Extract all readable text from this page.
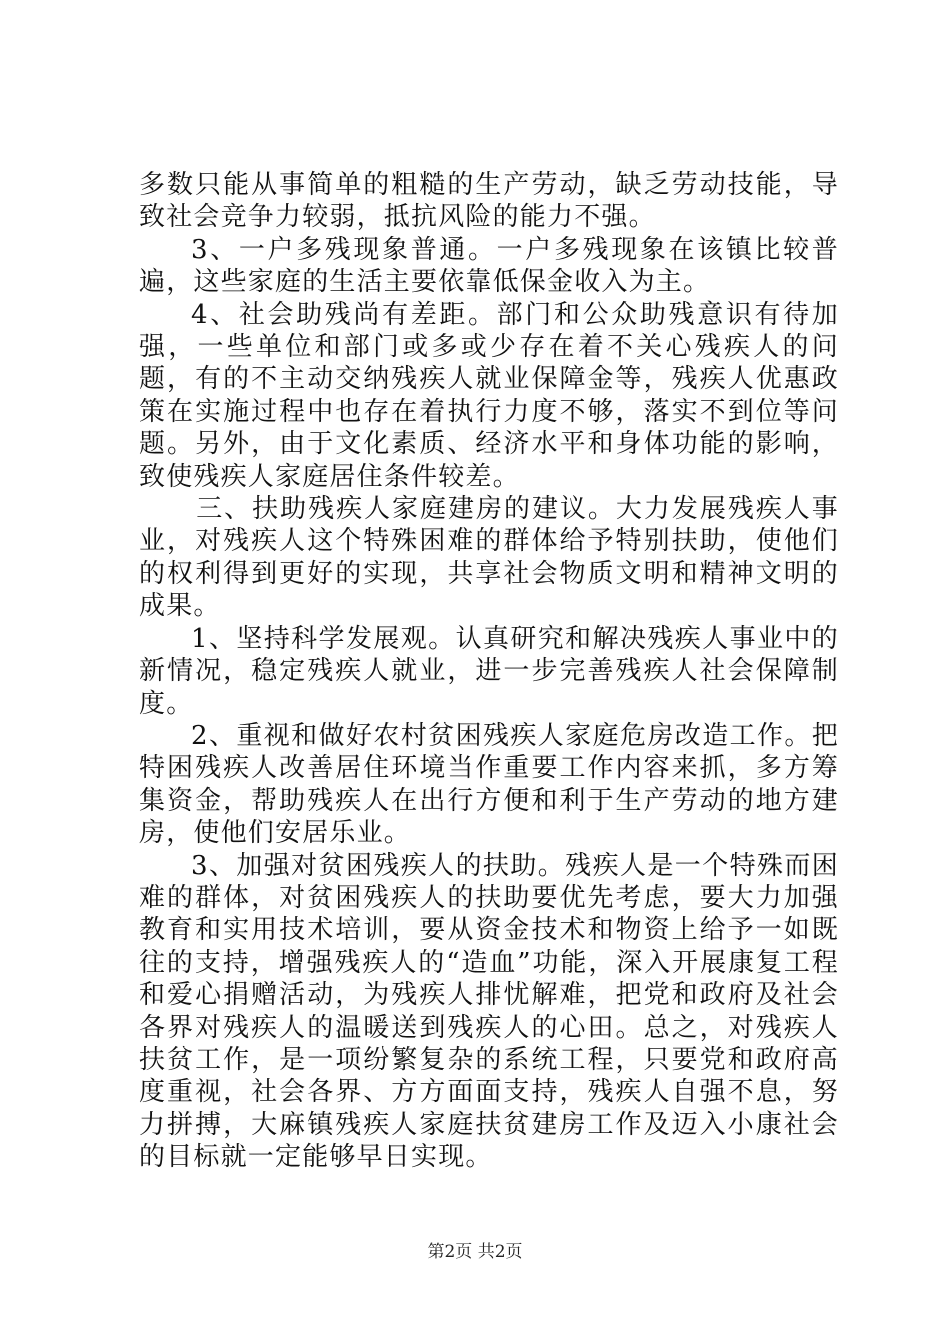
多数只能从事简单的粗糙的生产劳动，缺乏劳动技能，导致社会竞争力较弱，抵抗风险的能力不强。

3、一户多残现象普通。一户多残现象在该镇比较普遍，这些家庭的生活主要依靠低保金收入为主。

4、社会助残尚有差距。部门和公众助残意识有待加强，一些单位和部门或多或少存在着不关心残疾人的问题，有的不主动交纳残疾人就业保障金等，残疾人优惠政策在实施过程中也存在着执行力度不够，落实不到位等问题。另外，由于文化素质、经济水平和身体功能的影响，致使残疾人家庭居住条件较差。

三、扶助残疾人家庭建房的建议。大力发展残疾人事业，对残疾人这个特殊困难的群体给予特别扶助，使他们的权利得到更好的实现，共享社会物质文明和精神文明的成果。

1、坚持科学发展观。认真研究和解决残疾人事业中的新情况，稳定残疾人就业，进一步完善残疾人社会保障制度。

2、重视和做好农村贫困残疾人家庭危房改造工作。把特困残疾人改善居住环境当作重要工作内容来抓，多方筹集资金，帮助残疾人在出行方便和利于生产劳动的地方建房，使他们安居乐业。

3、加强对贫困残疾人的扶助。残疾人是一个特殊而困难的群体，对贫困残疾人的扶助要优先考虑，要大力加强教育和实用技术培训，要从资金技术和物资上给予一如既往的支持，增强残疾人的“造血”功能，深入开展康复工程和爱心捐赠活动，为残疾人排忧解难，把党和政府及社会各界对残疾人的温暖送到残疾人的心田。总之，对残疾人扶贫工作，是一项纷繁复杂的系统工程，只要党和政府高度重视，社会各界、方方面面支持，残疾人自强不息，努力拼搏，大麻镇残疾人家庭扶贫建房工作及迈入小康社会的目标就一定能够早日实现。

第2页 共2页
